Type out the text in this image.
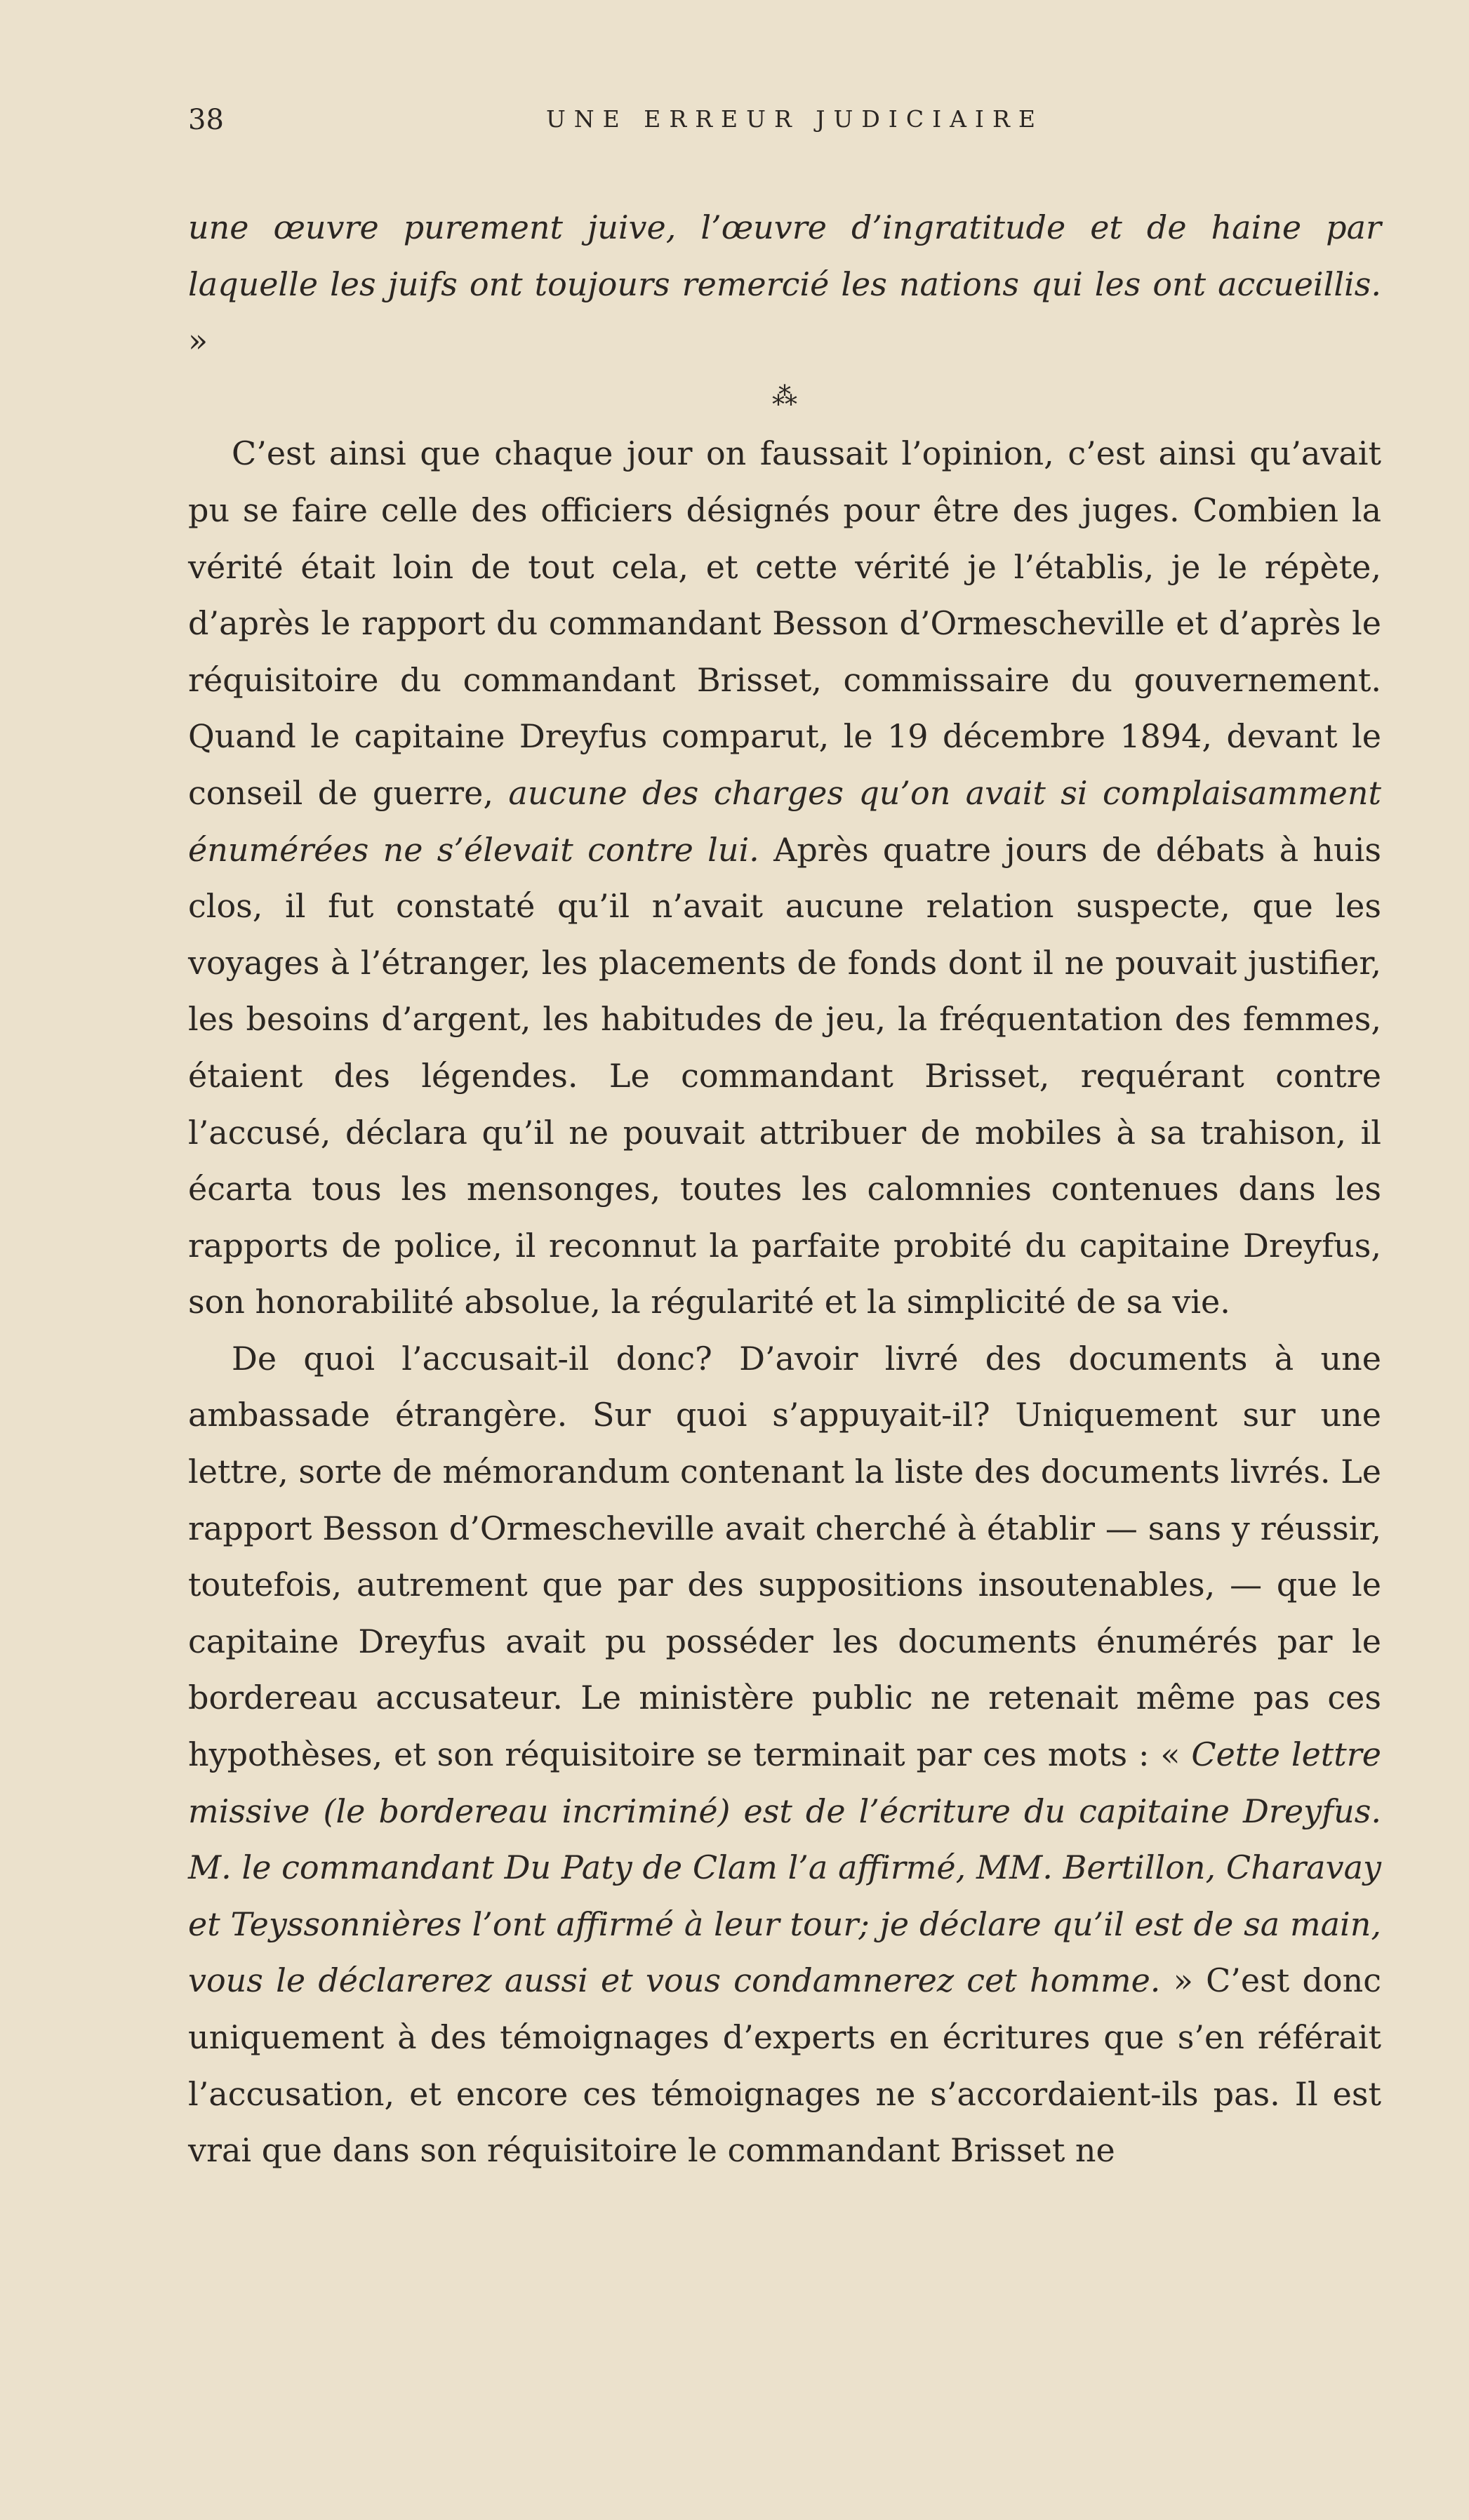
38	UNE ERREUR JUDICIAIRE

une œuvre purement juive, l’œuvre d’ingratitude et de haine par laquelle les juifs ont toujours remercié les nations qui les ont accueillis. »

⁂

C’est ainsi que chaque jour on faussait l’opinion, c’est ainsi qu’avait pu se faire celle des officiers désignés pour être des juges. Combien la vérité était loin de tout cela, et cette vérité je l’établis, je le répète, d’après le rapport du commandant Besson d’Ormescheville et d’après le réquisitoire du commandant Brisset, commissaire du gouvernement. Quand le capitaine Dreyfus comparut, le 19 décembre 1894, devant le conseil de guerre, aucune des charges qu’on avait si complaisamment énumérées ne s’élevait contre lui. Après quatre jours de débats à huis clos, il fut constaté qu’il n’avait aucune relation suspecte, que les voyages à l’étranger, les placements de fonds dont il ne pouvait justifier, les besoins d’argent, les habitudes de jeu, la fréquentation des femmes, étaient des légendes. Le commandant Brisset, requérant contre l’accusé, déclara qu’il ne pouvait attribuer de mobiles à sa trahison, il écarta tous les mensonges, toutes les calomnies contenues dans les rapports de police, il reconnut la parfaite probité du capitaine Dreyfus, son honorabilité absolue, la régularité et la simplicité de sa vie.

De quoi l’accusait-il donc? D’avoir livré des documents à une ambassade étrangère. Sur quoi s’appuyait-il? Uniquement sur une lettre, sorte de mémorandum contenant la liste des documents livrés. Le rapport Besson d’Ormescheville avait cherché à établir — sans y réussir, toutefois, autrement que par des suppositions insoutenables, — que le capitaine Dreyfus avait pu posséder les documents énumérés par le bordereau accusateur. Le ministère public ne retenait même pas ces hypothèses, et son réquisitoire se terminait par ces mots : « Cette lettre missive (le bordereau incriminé) est de l’écriture du capitaine Dreyfus. M. le commandant Du Paty de Clam l’a affirmé, MM. Bertillon, Charavay et Teyssonnières l’ont affirmé à leur tour; je déclare qu’il est de sa main, vous le déclarerez aussi et vous condamnerez cet homme. » C’est donc uniquement à des témoignages d’experts en écritures que s’en référait l’accusation, et encore ces témoignages ne s’accordaient-ils pas. Il est vrai que dans son réquisitoire le commandant Brisset ne
